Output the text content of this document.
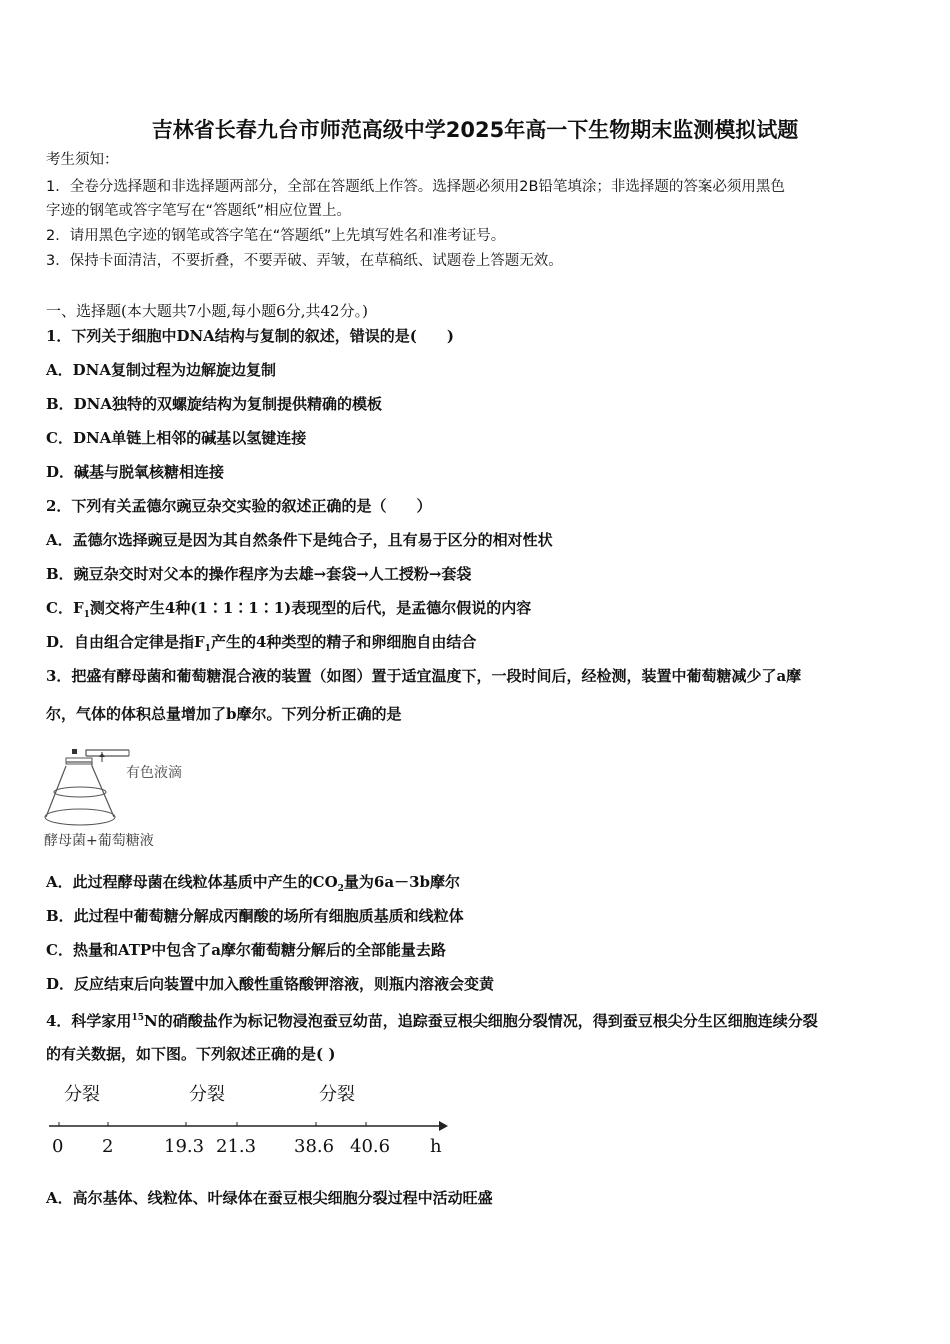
吉林省长春九台市师范高级中学2025年高一下生物期末监测模拟试题
考生须知：
1．全卷分选择题和非选择题两部分，全部在答题纸上作答。选择题必须用2B铅笔填涂；非选择题的答案必须用黑色
字迹的钢笔或答字笔写在“答题纸”相应位置上。
2．请用黑色字迹的钢笔或答字笔在“答题纸”上先填写姓名和准考证号。
3．保持卡面清洁，不要折叠，不要弄破、弄皱，在草稿纸、试题卷上答题无效。
一、选择题(本大题共7小题,每小题6分,共42分。)
1．下列关于细胞中DNA结构与复制的叙述，错误的是(　　)
A．DNA复制过程为边解旋边复制
B．DNA独特的双螺旋结构为复制提供精确的模板
C．DNA单链上相邻的碱基以氢键连接
D．碱基与脱氧核糖相连接
2．下列有关孟德尔豌豆杂交实验的叙述正确的是（　　）
A．孟德尔选择豌豆是因为其自然条件下是纯合子，且有易于区分的相对性状
B．豌豆杂交时对父本的操作程序为去雄→套袋→人工授粉→套袋
C．$F_1$测交将产生4种(1∶1∶1∶1)表现型的后代，是孟德尔假说的内容
D．自由组合定律是指$F_1$产生的4种类型的精子和卵细胞自由结合
3．把盛有酵母菌和葡萄糖混合液的装置（如图）置于适宜温度下，一段时间后，经检测，装置中葡萄糖减少了a摩
尔，气体的体积总量增加了b摩尔。下列分析正确的是
有色液滴
酵母菌+葡萄糖液
A．此过程酵母菌在线粒体基质中产生的$CO_2$量为6a－3b摩尔
B．此过程中葡萄糖分解成丙酮酸的场所有细胞质基质和线粒体
C．热量和ATP中包含了a摩尔葡萄糖分解后的全部能量去路
D．反应结束后向装置中加入酸性重铬酸钾溶液，则瓶内溶液会变黄
4．科学家用$^{15}$N的硝酸盐作为标记物浸泡蚕豆幼苗，追踪蚕豆根尖细胞分裂情况，得到蚕豆根尖分生区细胞连续分裂
的有关数据，如下图。下列叙述正确的是( )
分裂	分裂	分裂
0 2	19.3 21.3 38.6 40.6 h
A．高尔基体、线粒体、叶绿体在蚕豆根尖细胞分裂过程中活动旺盛
